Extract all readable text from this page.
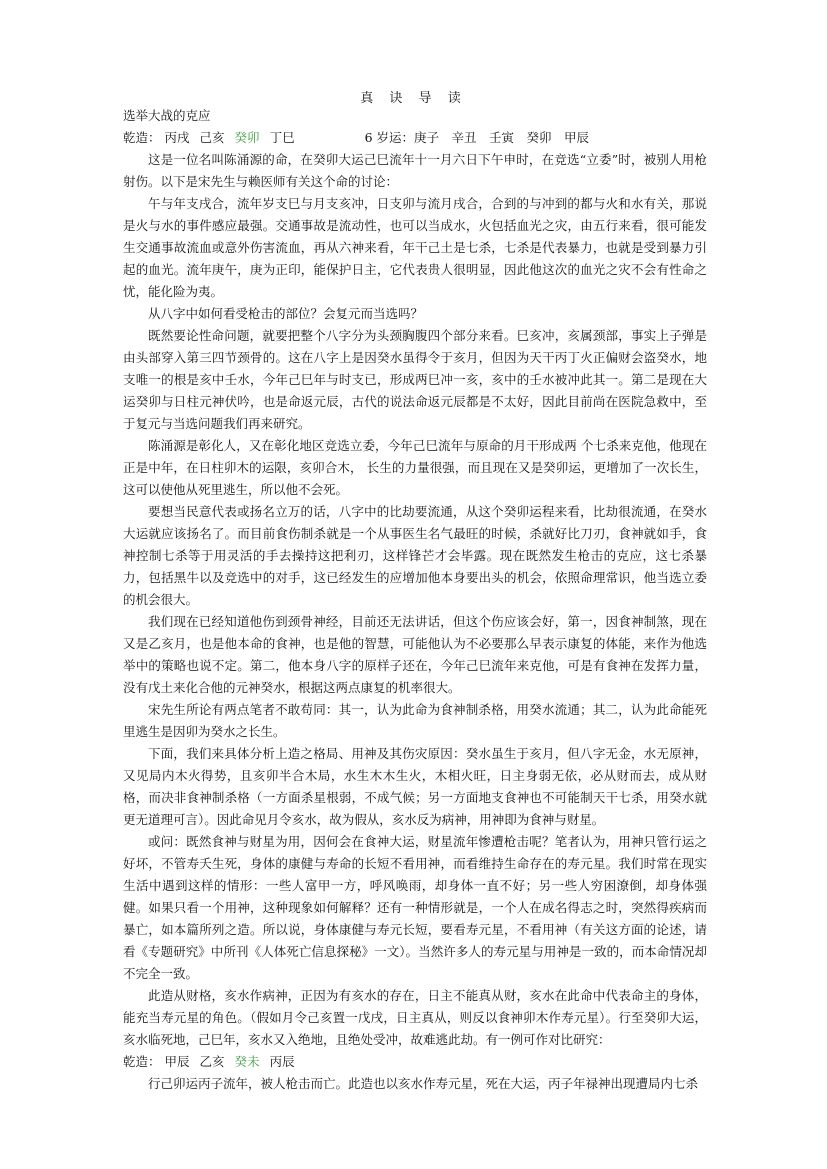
真 诀 导 读

选举大战的克应

乾造： 丙戌 己亥 癸卯 丁巳	6 岁运：庚子　辛丑　壬寅　癸卯　甲辰

这是一位名叫陈涌源的命，在癸卯大运己巳流年十一月六日下午申时，在竞选“立委”时，被别人用枪射伤。以下是宋先生与赖医师有关这个命的讨论：

午与年支戌合，流年岁支巳与月支亥冲，日支卯与流月戌合，合到的与冲到的都与火和水有关，那说是火与水的事件感应最强。交通事故是流动性，也可以当成水，火包括血光之灾，由五行来看，很可能发生交通事故流血或意外伤害流血，再从六神来看，年干己土是七杀，七杀是代表暴力，也就是受到暴力引起的血光。流年庚午，庚为正印，能保护日主，它代表贵人很明显，因此他这次的血光之灾不会有性命之忧，能化险为夷。

从八字中如何看受枪击的部位？会复元而当选吗？

既然要论性命问题，就要把整个八字分为头颈胸腹四个部分来看。巳亥冲，亥属颈部，事实上子弹是由头部穿入第三四节颈骨的。这在八字上是因癸水虽得令于亥月，但因为天干丙丁火正偏财会盗癸水，地支唯一的根是亥中壬水，今年己巳年与时支已，形成两巳冲一亥，亥中的壬水被冲此其一。第二是现在大运癸卯与日柱元神伏吟，也是命返元辰，古代的说法命返元辰都是不太好，因此目前尚在医院急救中，至于复元与当选问题我们再来研究。

陈涌源是彰化人，又在彰化地区竞选立委，今年己巳流年与原命的月干形成两 个七杀来克他，他现在正是中年，在日柱卯木的运限，亥卯合木， 长生的力量很强，而且现在又是癸卯运，更增加了一次长生，这可以使他从死里逃生，所以他不会死。

要想当民意代表或扬名立万的话，八字中的比劫要流通，从这个癸卯运程来看，比劫很流通，在癸水大运就应该扬名了。而目前食伤制杀就是一个从事医生名气最旺的时候，杀就好比刀刃，食神就如手，食神控制七杀等于用灵活的手去操持这把利刃，这样锋芒才会毕露。现在既然发生枪击的克应，这七杀暴力，包括黑牛以及竞选中的对手，这已经发生的应增加他本身要出头的机会，依照命理常识，他当选立委的机会很大。

我们现在已经知道他伤到颈骨神经，目前还无法讲话，但这个伤应该会好，第一，因食神制煞，现在又是乙亥月，也是他本命的食神，也是他的智慧，可能他认为不必要那么早表示康复的体能，来作为他选举中的策略也说不定。第二，他本身八字的原样子还在，今年己巳流年来克他，可是有食神在发挥力量，没有戊土来化合他的元神癸水，根据这两点康复的机率很大。

宋先生所论有两点笔者不敢苟同：其一，认为此命为食神制杀格，用癸水流通；其二，认为此命能死里逃生是因卯为癸水之长生。

下面，我们来具体分析上造之格局、用神及其伤灾原因：癸水虽生于亥月，但八字无金，水无原神，又见局内木火得势，且亥卯半合木局，水生木木生火，木相火旺，日主身弱无依，必从财而去，成从财格，而决非食神制杀格（一方面杀星根弱，不成气候；另一方面地支食神也不可能制天干七杀，用癸水就更无道理可言）。因此命见月令亥水，故为假从，亥水反为病神，用神即为食神与财星。

或问：既然食神与财星为用，因何会在食神大运，财星流年惨遭枪击呢？笔者认为，用神只管行运之好坏，不管寿夭生死，身体的康健与寿命的长短不看用神，而看维持生命存在的寿元星。我们时常在现实生活中遇到这样的情形：一些人富甲一方，呼风唤雨，却身体一直不好；另一些人穷困潦倒，却身体强健。如果只看一个用神，这种现象如何解释？还有一种情形就是，一个人在成名得志之时，突然得疾病而暴亡，如本篇所列之造。所以说，身体康健与寿元长短，要看寿元星，不看用神（有关这方面的论述，请看《专题研究》中所刊《人体死亡信息探秘》一文）。当然许多人的寿元星与用神是一致的，而本命情况却不完全一致。

此造从财格，亥水作病神，正因为有亥水的存在，日主不能真从财，亥水在此命中代表命主的身体，能充当寿元星的角色。（假如月令己亥置一戊戌，日主真从，则反以食神卯木作寿元星）。行至癸卯大运，亥水临死地，己巳年，亥水又入绝地，且绝处受冲，故难逃此劫。有一例可作对比研究：

乾造： 甲辰 乙亥 癸未 丙辰

行己卯运丙子流年，被人枪击而亡。此造也以亥水作寿元星，死在大运，丙子年禄神出现遭局内七杀
